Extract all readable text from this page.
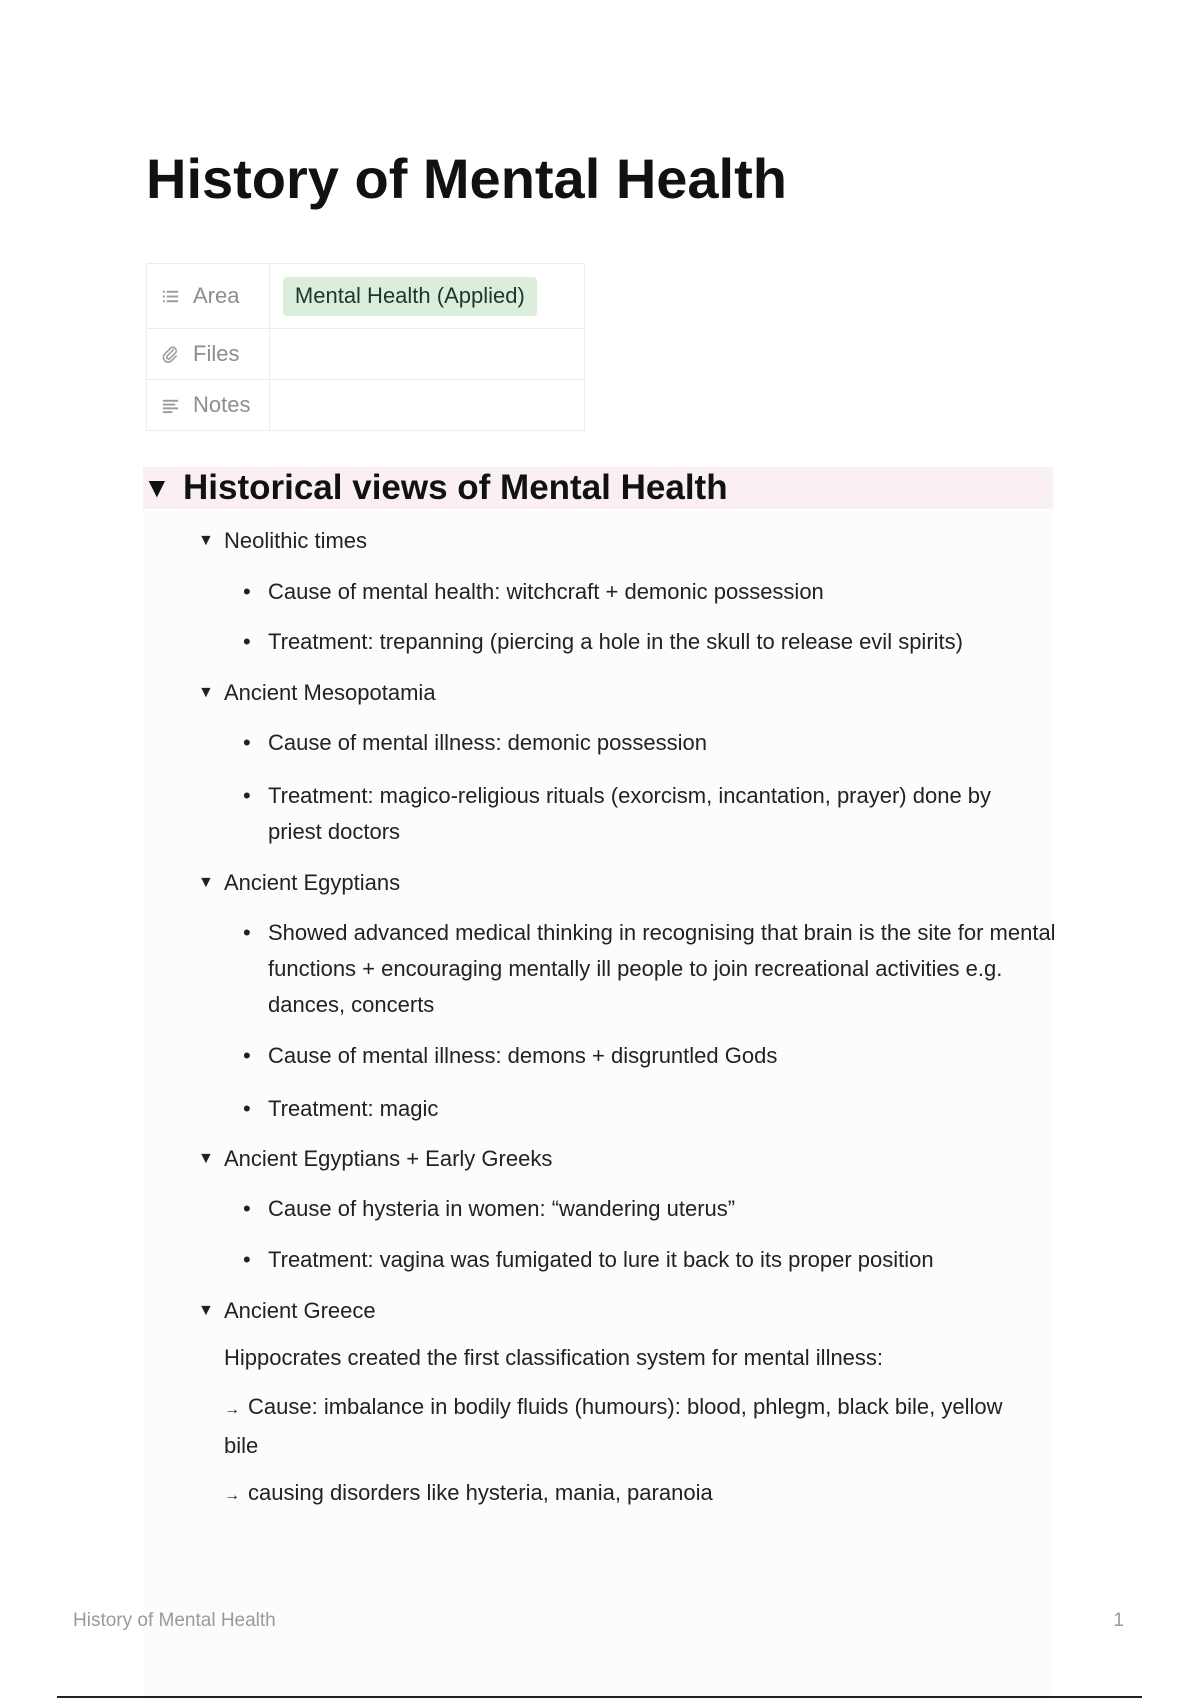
History of Mental Health
Area	Mental Health (Applied)

Files	

Notes	

▼ Historical views of Mental Health
▼ Neolithic times
• Cause of mental health: witchcraft + demonic possession
• Treatment: trepanning (piercing a hole in the skull to release evil spirits)
▼ Ancient Mesopotamia
• Cause of mental illness: demonic possession
• Treatment: magico-religious rituals (exorcism, incantation, prayer) done by priest doctors
▼ Ancient Egyptians
• Showed advanced medical thinking in recognising that brain is the site for mental functions + encouraging mentally ill people to join recreational activities e.g. dances, concerts
• Cause of mental illness: demons + disgruntled Gods
• Treatment: magic
▼ Ancient Egyptians + Early Greeks
• Cause of hysteria in women: “wandering uterus”
• Treatment: vagina was fumigated to lure it back to its proper position
▼ Ancient Greece
Hippocrates created the first classification system for mental illness:
→ Cause: imbalance in bodily fluids (humours): blood, phlegm, black bile, yellow bile
→ causing disorders like hysteria, mania, paranoia
History of Mental Health	1
